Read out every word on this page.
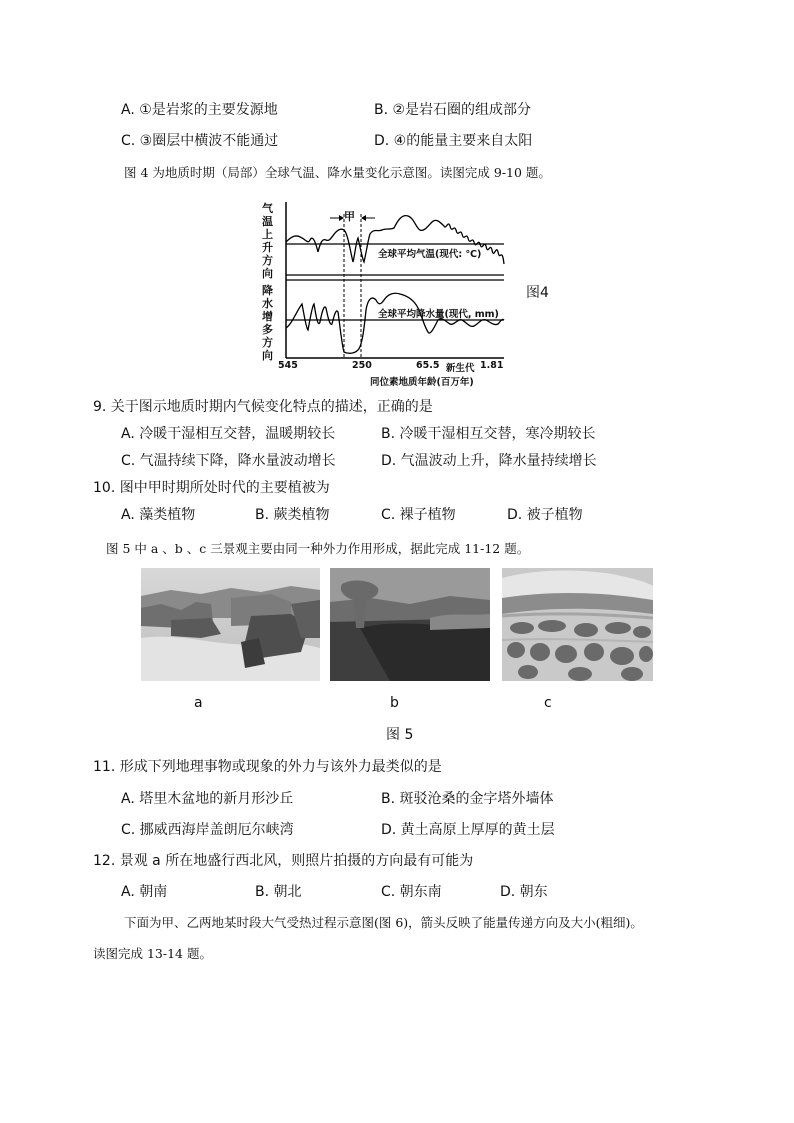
A. ①是岩浆的主要发源地	B. ②是岩石圈的组成部分
C. ③圈层中横波不能通过	D. ④的能量主要来自太阳
图 4 为地质时期（局部）全球气温、降水量变化示意图。读图完成 9-10 题。
气
温
上
升
方
向
降
水
增
多
方
向
甲
全球平均气温(现代: ℃)
全球平均降水量(现代, mm)
545	250	65.5 新生代 1.81
同位素地质年龄(百万年)
图4
9. 关于图示地质时期内气候变化特点的描述，正确的是
A. 冷暖干湿相互交替，温暖期较长	B. 冷暖干湿相互交替，寒冷期较长
C. 气温持续下降，降水量波动增长	D. 气温波动上升，降水量持续增长
10. 图中甲时期所处时代的主要植被为
A. 藻类植物	B. 蕨类植物	C. 裸子植物	D. 被子植物
图 5 中 a 、b 、c 三景观主要由同一种外力作用形成，据此完成 11-12 题。
a	b	c
图 5
11. 形成下列地理事物或现象的外力与该外力最类似的是
A. 塔里木盆地的新月形沙丘	B. 斑驳沧桑的金字塔外墙体
C. 挪威西海岸盖朗厄尔峡湾	D. 黄土高原上厚厚的黄土层
12. 景观 a 所在地盛行西北风，则照片拍摄的方向最有可能为
A. 朝南	B. 朝北	C. 朝东南	D. 朝东
下面为甲、乙两地某时段大气受热过程示意图(图 6)，箭头反映了能量传递方向及大小(粗细)。
读图完成 13-14 题。
